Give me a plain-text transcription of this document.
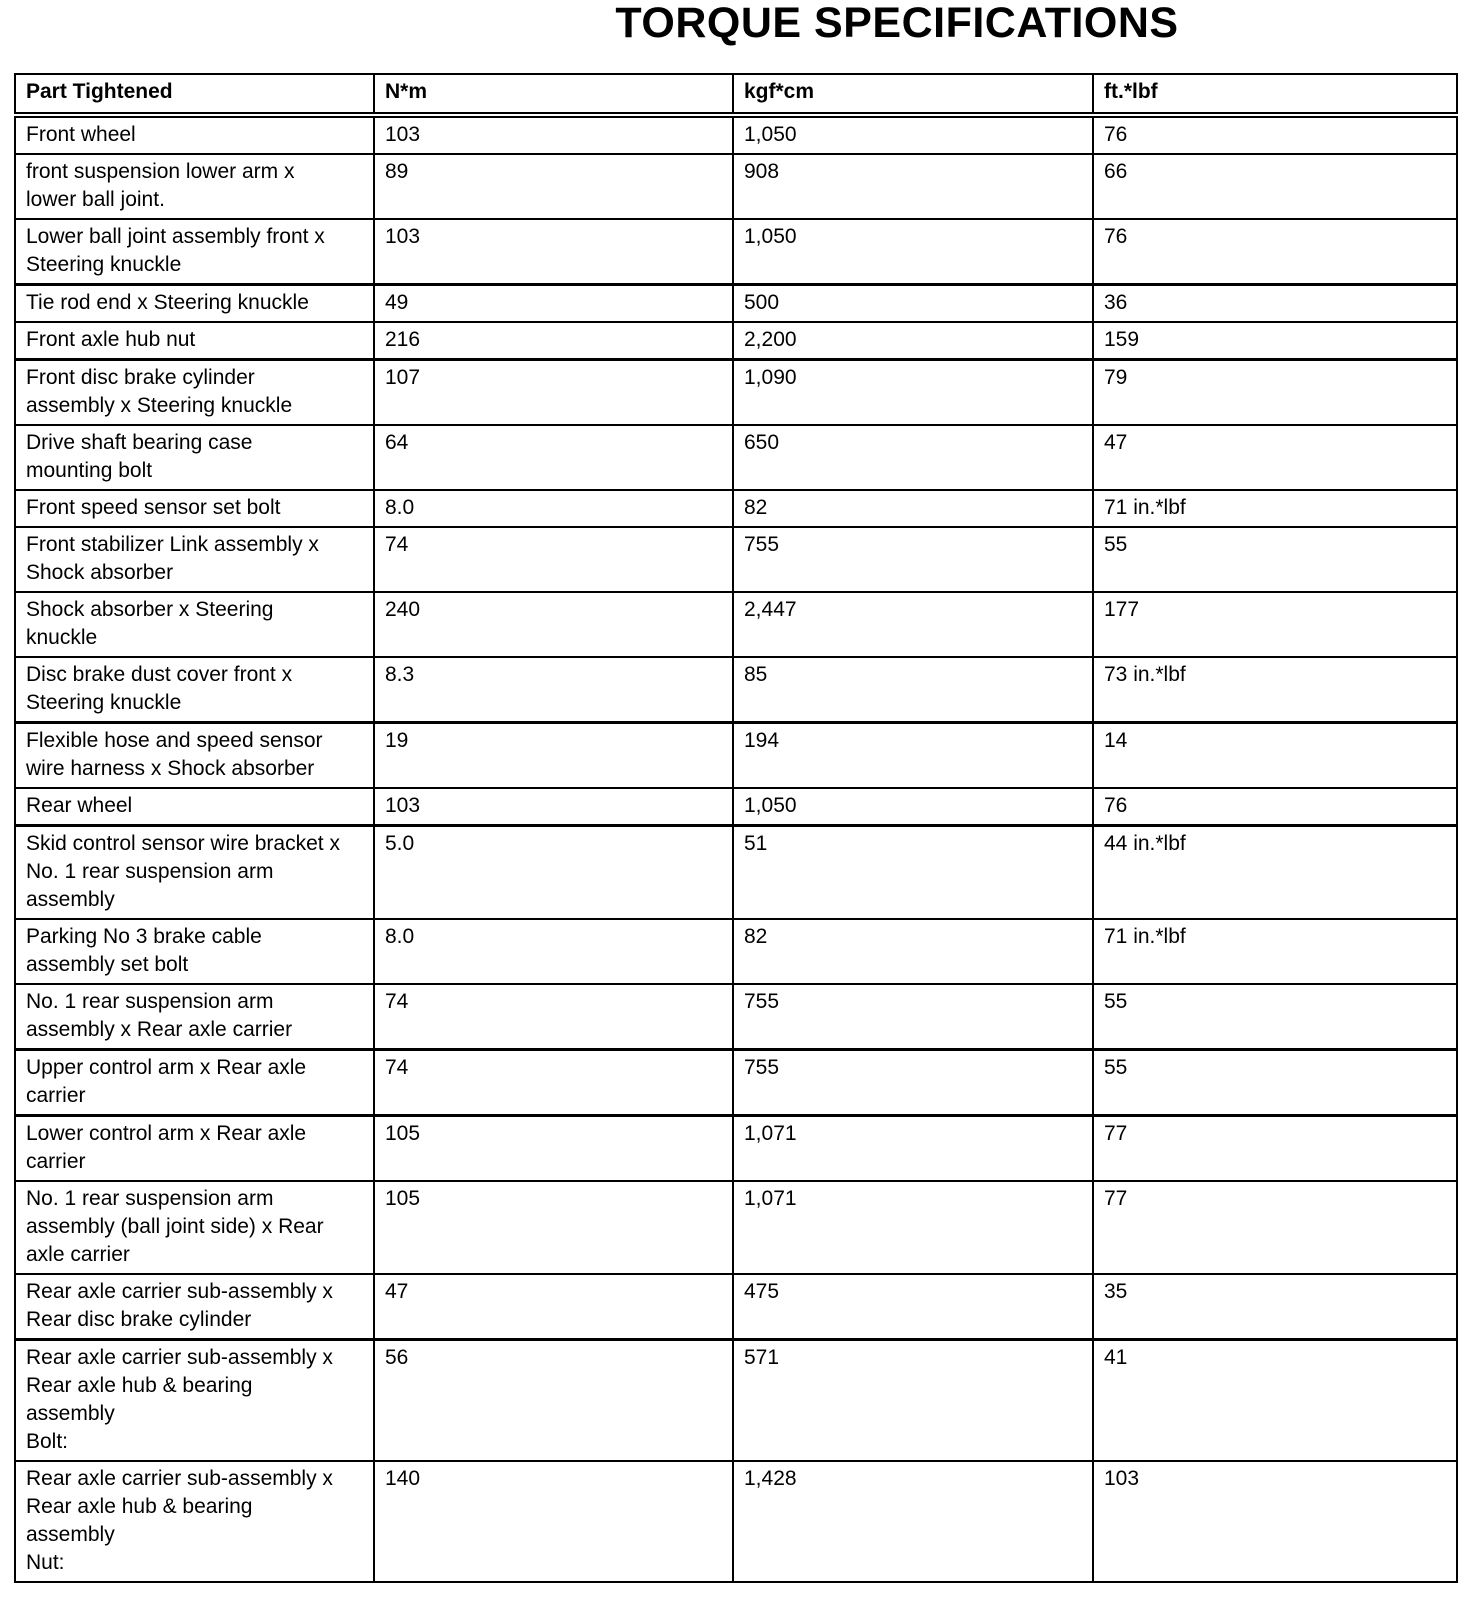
TORQUE SPECIFICATIONS
Part Tightened	N*m	kgf*cm	ft.*lbf
Front wheel	103	1,050	76
front suspension lower arm x
lower ball joint.	89	908	66
Lower ball joint assembly front x
Steering knuckle	103	1,050	76
Tie rod end x Steering knuckle	49	500	36
Front axle hub nut	216	2,200	159
Front disc brake cylinder
assembly x Steering knuckle	107	1,090	79
Drive shaft bearing case
mounting bolt	64	650	47
Front speed sensor set bolt	8.0	82	71 in.*lbf
Front stabilizer Link assembly x
Shock absorber	74	755	55
Shock absorber x Steering
knuckle	240	2,447	177
Disc brake dust cover front x
Steering knuckle	8.3	85	73 in.*lbf
Flexible hose and speed sensor
wire harness x Shock absorber	19	194	14
Rear wheel	103	1,050	76
Skid control sensor wire bracket x
No. 1 rear suspension arm
assembly	5.0	51	44 in.*lbf
Parking No 3 brake cable
assembly set bolt	8.0	82	71 in.*lbf
No. 1 rear suspension arm
assembly x Rear axle carrier	74	755	55
Upper control arm x Rear axle
carrier	74	755	55
Lower control arm x Rear axle
carrier	105	1,071	77
No. 1 rear suspension arm
assembly (ball joint side) x Rear
axle carrier	105	1,071	77
Rear axle carrier sub-assembly x
Rear disc brake cylinder	47	475	35
Rear axle carrier sub-assembly x
Rear axle hub & bearing
assembly
Bolt:	56	571	41
Rear axle carrier sub-assembly x
Rear axle hub & bearing
assembly
Nut:	140	1,428	103
